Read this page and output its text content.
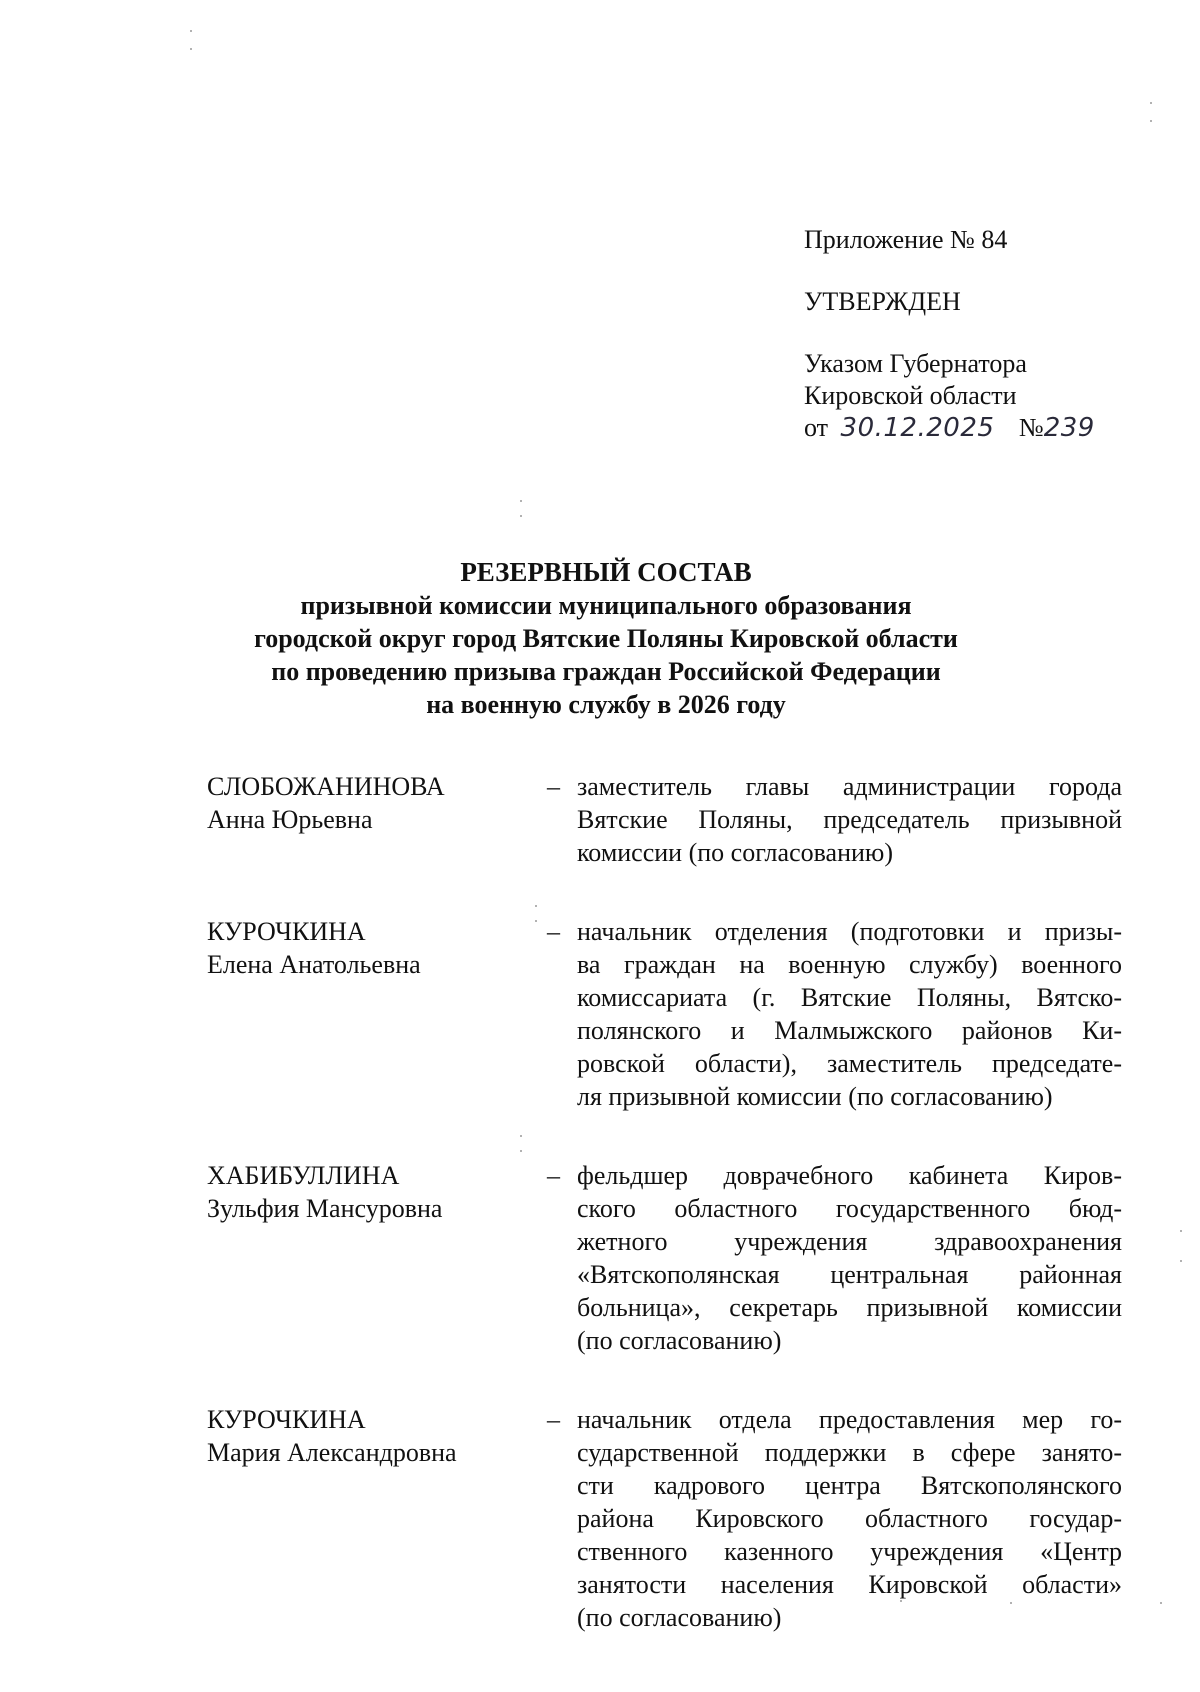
Приложение № 84
УТВЕРЖДЕН
Указом Губернатора
Кировской области
от 30.12.2025 №239
РЕЗЕРВНЫЙ СОСТАВ
призывной комиссии муниципального образования
городской округ город Вятские Поляны Кировской области
по проведению призыва граждан Российской Федерации
на военную службу в 2026 году
СЛОБОЖАНИНОВА
Анна Юрьевна
– заместитель главы администрации города
Вятские Поляны, председатель призывной
комиссии (по согласованию)
КУРОЧКИНА
Елена Анатольевна
– начальник отделения (подготовки и призы-
ва граждан на военную службу) военного
комиссариата (г. Вятские Поляны, Вятско-
полянского и Малмыжского районов Ки-
ровской области), заместитель председате-
ля призывной комиссии (по согласованию)
ХАБИБУЛЛИНА
Зульфия Мансуровна
– фельдшер доврачебного кабинета Киров-
ского областного государственного бюд-
жетного учреждения здравоохранения
«Вятскополянская центральная районная
больница», секретарь призывной комиссии
(по согласованию)
КУРОЧКИНА
Мария Александровна
– начальник отдела предоставления мер го-
сударственной поддержки в сфере занято-
сти кадрового центра Вятскополянского
района Кировского областного государ-
ственного казенного учреждения «Центр
занятости населения Кировской области»
(по согласованию)
